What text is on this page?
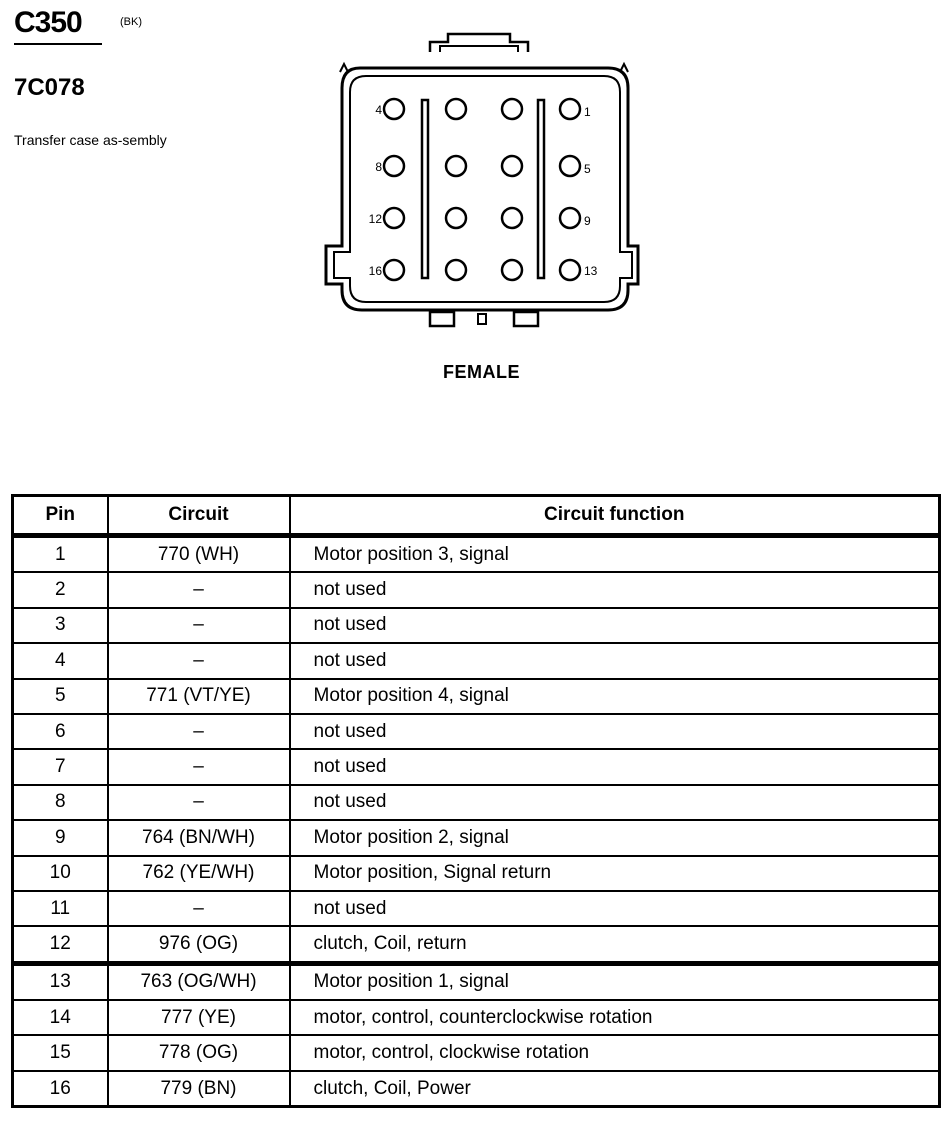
C350	(BK)
7C078
Transfer case as-sembly
4	1
8	5
12	9
16	13
FEMALE
Pin	Circuit	Circuit function
1	770 (WH)	Motor position 3, signal
2	–	not used
3	–	not used
4	–	not used
5	771 (VT/YE)	Motor position 4, signal
6	–	not used
7	–	not used
8	–	not used
9	764 (BN/WH)	Motor position 2, signal
10	762 (YE/WH)	Motor position, Signal return
11	–	not used
12	976 (OG)	clutch, Coil, return
13	763 (OG/WH)	Motor position 1, signal
14	777 (YE)	motor, control, counterclockwise rotation
15	778 (OG)	motor, control, clockwise rotation
16	779 (BN)	clutch, Coil, Power
